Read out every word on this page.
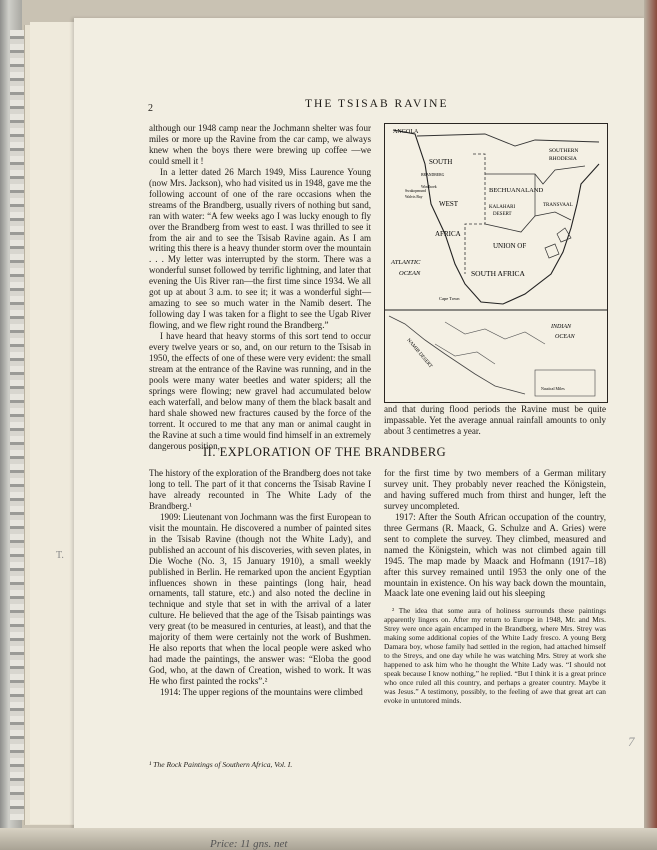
2	THE TSISAB RAVINE

although our 1948 camp near the Jochmann shelter was four miles or more up the Ravine from the car camp, we always knew when the boys there were brewing up coffee —we could smell it !

In a letter dated 26 March 1949, Miss Laurence Young (now Mrs. Jackson), who had visited us in 1948, gave me the following account of one of the rare occasions when the streams of the Brandberg, usually rivers of nothing but sand, ran with water: “A few weeks ago I was lucky enough to fly over the Brandberg from west to east. I was thrilled to see it from the air and to see the Tsisab Ravine again. As I am writing this there is a heavy thunder storm over the mountain . . . My letter was interrupted by the storm. There was a wonderful sunset followed by terrific lightning, and later that evening the Uis River ran—the first time since 1934. We all got up at about 3 a.m. to see it; it was a wonderful sight—amazing to see so much water in the Namib desert. The following day I was taken for a flight to see the Ugab River flowing, and we flew right round the Brandberg.”

I have heard that heavy storms of this sort tend to occur every twelve years or so, and, on our return to the Tsisab in 1950, the effects of one of these were very evident: the small stream at the entrance of the Ravine was running, and in the pools were many water beetles and water spiders; all the springs were flowing; new gravel had accumulated below each waterfall, and below many of them the black basalt and hard shale showed new fractures caused by the force of the torrent. It occured to me that any man or animal caught in the Ravine at such a time would find himself in an extremely dangerous position,

ANGOLA
SOUTH
WEST
AFRICA
SOUTHERN
RHODESIA
BECHUANALAND
KALAHARI
DESERT
TRANSVAAL
UNION OF
SOUTH AFRICA
ATLANTIC
OCEAN
INDIAN
OCEAN
Cape Town
BRANDBERG
Windhoek
Walvis Bay
Swakopmund
NAMIB DESERT
Nautical Miles

and that during flood periods the Ravine must be quite impassable. Yet the average annual rainfall amounts to only about 3 centimetres a year.

II. EXPLORATION OF THE BRANDBERG

The history of the exploration of the Brandberg does not take long to tell. The part of it that concerns the Tsisab Ravine I have already recounted in The White Lady of the Brandberg.¹

1909: Lieutenant von Jochmann was the first European to visit the mountain. He discovered a number of painted sites in the Tsisab Ravine (though not the White Lady), and published an account of his discoveries, with seven plates, in Die Woche (No. 3, 15 January 1910), a small weekly published in Berlin. He remarked upon the ancient Egyptian influences shown in these paintings (long hair, head ornaments, tall stature, etc.) and also noted the decline in technique and style that set in with the arrival of a later culture. He believed that the age of the Tsisab paintings was very great (to be measured in centuries, at least), and that the majority of them were certainly not the work of Bushmen. He also reports that when the local people were asked who had made the paintings, the answer was: “Eloba the good God, who, at the dawn of Creation, wished to work. It was He who first painted the rocks”.²

1914: The upper regions of the mountains were climbed

for the first time by two members of a German military survey unit. They probably never reached the Königstein, and having suffered much from thirst and hunger, left the survey uncompleted.

1917: After the South African occupation of the country, three Germans (R. Maack, G. Schulze and A. Gries) were sent to complete the survey. They climbed, measured and named the Königstein, which was not climbed again till 1945. The map made by Maack and Hofmann (1917–18) after this survey remained until 1953 the only one of the mountain in existence. On his way back down the mountain, Maack late one evening laid out his sleeping

² The idea that some aura of holiness surrounds these paintings apparently lingers on. After my return to Europe in 1948, Mr. and Mrs. Strey were once again encamped in the Brandberg, where Mrs. Strey was making some additional copies of the White Lady fresco. A young Berg Damara boy, whose family had settled in the region, had attached himself to the Streys, and one day while he was watching Mrs. Strey at work she happened to ask him who he thought the White Lady was. “I should not speak because I know nothing,” he replied. “But I think it is a great prince who once ruled all this country, and perhaps a greater country. Maybe it was Jesus.” A testimony, possibly, to the feeling of awe that great art can evoke in untutored minds.

¹ The Rock Paintings of Southern Africa, Vol. I.
Price: 11 gns. net
T.
7
